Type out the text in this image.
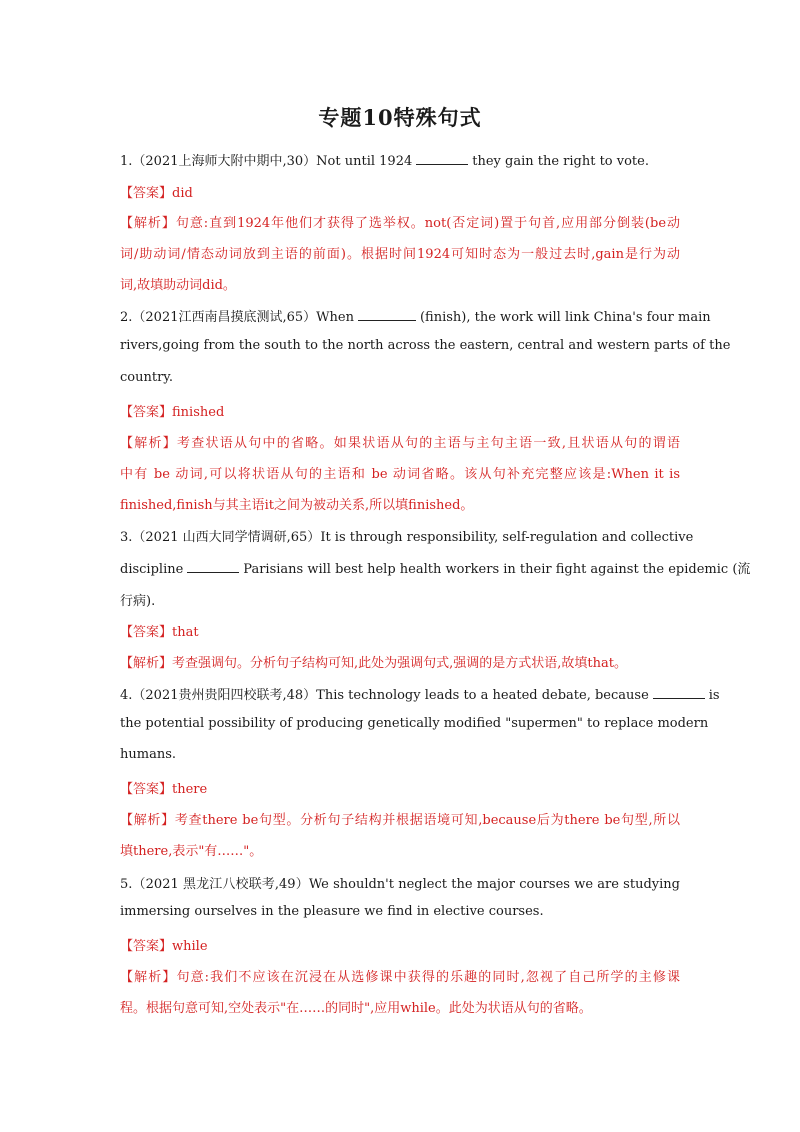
专题10特殊句式
1.（2021上海师大附中期中,30）Not until 1924	they gain the right to vote.
【答案】did
【解析】句意:直到1924年他们才获得了选举权。not(否定词)置于句首,应用部分倒装(be动
词/助动词/情态动词放到主语的前面)。根据时间1924可知时态为一般过去时,gain是行为动
词,故填助动词did。
2.（2021江西南昌摸底测试,65）When	(finish), the work will link China's four main
rivers,going from the south to the north across the eastern, central and western parts of the
country.
【答案】finished
【解析】考查状语从句中的省略。如果状语从句的主语与主句主语一致,且状语从句的谓语
中有 be 动词,可以将状语从句的主语和 be 动词省略。该从句补充完整应该是:When it is
finished,finish与其主语it之间为被动关系,所以填finished。
3.（2021 山西大同学情调研,65）It is through responsibility, self-regulation and collective
discipline	Parisians will best help health workers in their fight against the epidemic (流
行病).
【答案】that
【解析】考查强调句。分析句子结构可知,此处为强调句式,强调的是方式状语,故填that。
4.（2021贵州贵阳四校联考,48）This technology leads to a heated debate, because	is
the potential possibility of producing genetically modified "supermen" to replace modern
humans.
【答案】there
【解析】考查there be句型。分析句子结构并根据语境可知,because后为there be句型,所以
填there,表示"有……"。
5.（2021 黑龙江八校联考,49）We shouldn't neglect the major courses we are studying
immersing ourselves in the pleasure we find in elective courses.
【答案】while
【解析】句意:我们不应该在沉浸在从选修课中获得的乐趣的同时,忽视了自己所学的主修课
程。根据句意可知,空处表示"在……的同时",应用while。此处为状语从句的省略。
